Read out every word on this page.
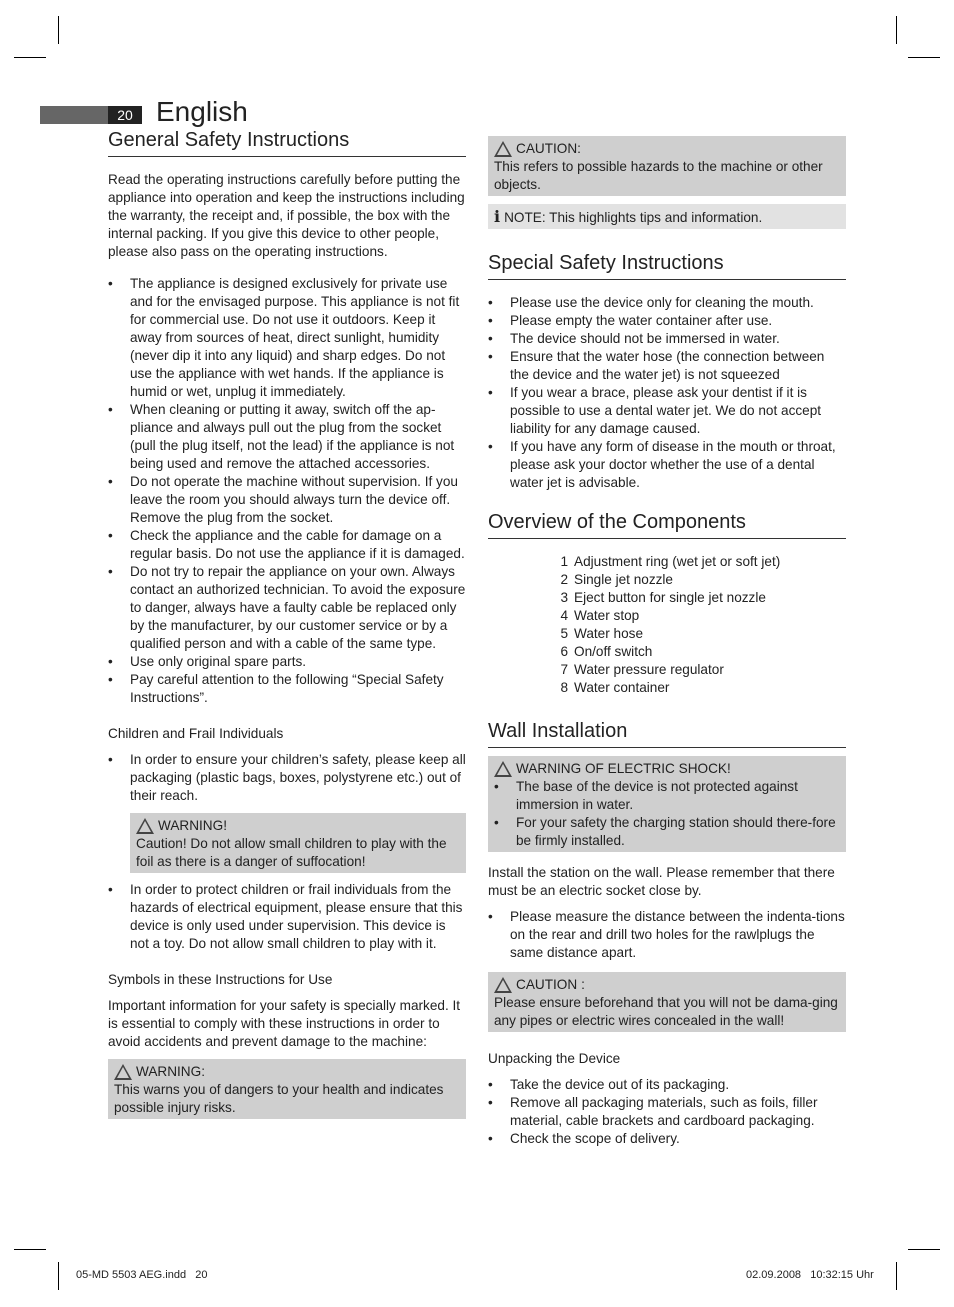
20 English
General Safety Instructions

Read the operating instructions carefully before putting the appliance into operation and keep the instructions including the warranty, the receipt and, if possible, the box with the internal packing. If you give this device to other people, please also pass on the operating instructions.

• The appliance is designed exclusively for private use and for the envisaged purpose. This appliance is not fit for commercial use. Do not use it outdoors. Keep it away from sources of heat, direct sunlight, humidity (never dip it into any liquid) and sharp edges. Do not use the appliance with wet hands. If the appliance is humid or wet, unplug it immediately.
• When cleaning or putting it away, switch off the ap-pliance and always pull out the plug from the socket (pull the plug itself, not the lead) if the appliance is not being used and remove the attached accessories.
• Do not operate the machine without supervision. If you leave the room you should always turn the device off. Remove the plug from the socket.
• Check the appliance and the cable for damage on a regular basis. Do not use the appliance if it is damaged.
• Do not try to repair the appliance on your own. Always contact an authorized technician. To avoid the exposure to danger, always have a faulty cable be replaced only by the manufacturer, by our customer service or by a qualified person and with a cable of the same type.
• Use only original spare parts.
• Pay careful attention to the following “Special Safety Instructions”.
Children and Frail Individuals
• In order to ensure your children’s safety, please keep all packaging (plastic bags, boxes, polystyrene etc.) out of their reach.
WARNING!
Caution! Do not allow small children to play with the foil as there is a danger of suffocation!
• In order to protect children or frail individuals from the hazards of electrical equipment, please ensure that this device is only used under supervision. This device is not a toy. Do not allow small children to play with it.
Symbols in these Instructions for Use

Important information for your safety is specially marked. It is essential to comply with these instructions in order to avoid accidents and prevent damage to the machine:

WARNING:
This warns you of dangers to your health and indicates possible injury risks.
CAUTION:
This refers to possible hazards to the machine or other objects.
i NOTE: This highlights tips and information.
Special Safety Instructions
• Please use the device only for cleaning the mouth.
• Please empty the water container after use.
• The device should not be immersed in water.
• Ensure that the water hose (the connection between the device and the water jet) is not squeezed
• If you wear a brace, please ask your dentist if it is possible to use a dental water jet. We do not accept liability for any damage caused.
• If you have any form of disease in the mouth or throat, please ask your doctor whether the use of a dental water jet is advisable.
Overview of the Components
1 Adjustment ring (wet jet or soft jet)
2 Single jet nozzle
3 Eject button for single jet nozzle
4 Water stop
5 Water hose
6 On/off switch
7 Water pressure regulator
8 Water container
Wall Installation
WARNING OF ELECTRIC SHOCK!
• The base of the device is not protected against immersion in water.
• For your safety the charging station should there-fore be firmly installed.

Install the station on the wall. Please remember that there must be an electric socket close by.

• Please measure the distance between the indenta-tions on the rear and drill two holes for the rawlplugs the same distance apart.
CAUTION :
Please ensure beforehand that you will not be dama-ging any pipes or electric wires concealed in the wall!
Unpacking the Device
• Take the device out of its packaging.
• Remove all packaging materials, such as foils, filler material, cable brackets and cardboard packaging.
• Check the scope of delivery.
05-MD 5503 AEG.indd   20	02.09.2008   10:32:15 Uhr
